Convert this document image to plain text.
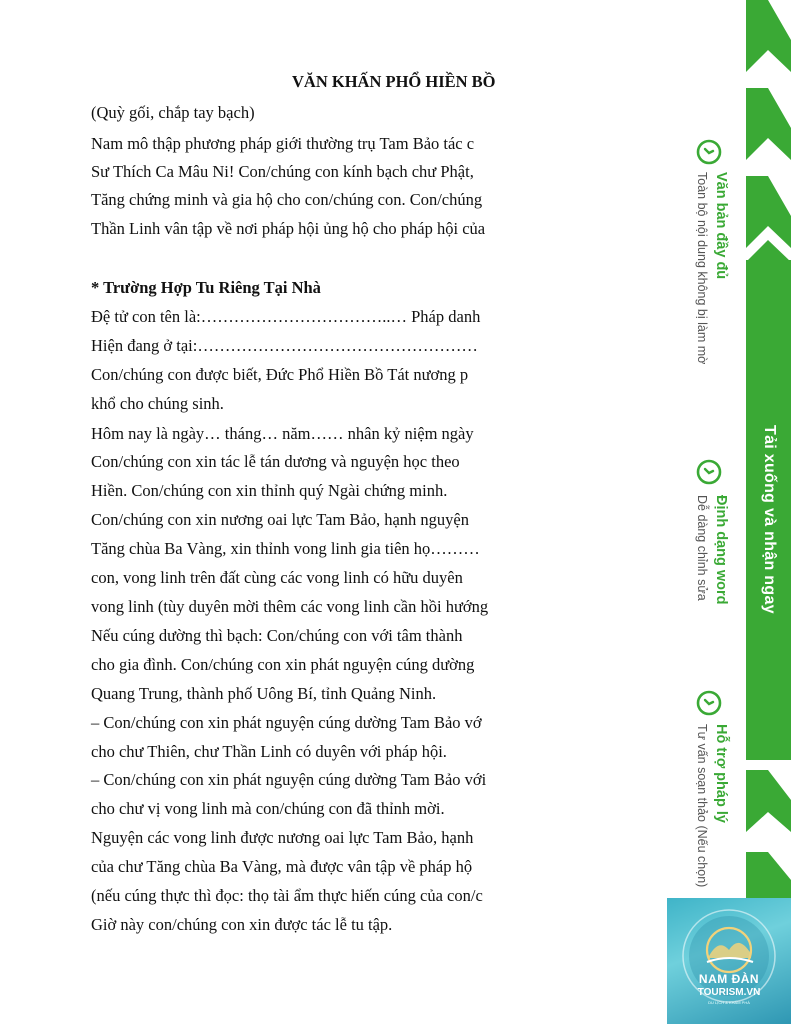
VĂN KHẤN PHỔ HIỀN BỒ
(Quỳ gối, chắp tay bạch)
Nam mô thập phương pháp giới thường trụ Tam Bảo tác c
Sư Thích Ca Mâu Ni! Con/chúng con kính bạch chư Phật,
Tăng chứng minh và gia hộ cho con/chúng con. Con/chúng
Thần Linh vân tập về nơi pháp hội ủng hộ cho pháp hội của
* Trường Hợp Tu Riêng Tại Nhà
Đệ tử con tên là:……………………………..… Pháp danh
Hiện đang ở tại:……………………………………………
Con/chúng con được biết, Đức Phổ Hiền Bồ Tát nương p
khổ cho chúng sinh.
Hôm nay là ngày… tháng… năm…… nhân kỷ niệm ngày
Con/chúng con xin tác lễ tán dương và nguyện học theo
Hiền. Con/chúng con xin thỉnh quý Ngài chứng minh.
Con/chúng con xin nương oai lực Tam Bảo, hạnh nguyện
Tăng chùa Ba Vàng, xin thỉnh vong linh gia tiên họ………
con, vong linh trên đất cùng các vong linh có hữu duyên
vong linh (tùy duyên mời thêm các vong linh cần hồi hướng
Nếu cúng dường thì bạch: Con/chúng con với tâm thành
cho gia đình. Con/chúng con xin phát nguyện cúng dường
Quang Trung, thành phố Uông Bí, tỉnh Quảng Ninh.
– Con/chúng con xin phát nguyện cúng dường Tam Bảo vớ
cho chư Thiên, chư Thần Linh có duyên với pháp hội.
– Con/chúng con xin phát nguyện cúng dường Tam Bảo với
cho chư vị vong linh mà con/chúng con đã thỉnh mời.
Nguyện các vong linh được nương oai lực Tam Bảo, hạnh
của chư Tăng chùa Ba Vàng, mà được vân tập về pháp hộ
(nếu cúng thực thì đọc: thọ tài ẩm thực hiến cúng của con/c
Giờ này con/chúng con xin được tác lễ tu tập.
Tải xuống và nhận ngay
Văn bản đầy đủ
Toàn bộ nội dung không bị làm mờ
Định dạng word
Dễ dàng chỉnh sửa
Hỗ trợ pháp lý
Tư vấn soạn thảo (Nếu chọn)
NAM ĐÀN
TOURISM.VN
DU LỊCH & KHÁM PHÁ
